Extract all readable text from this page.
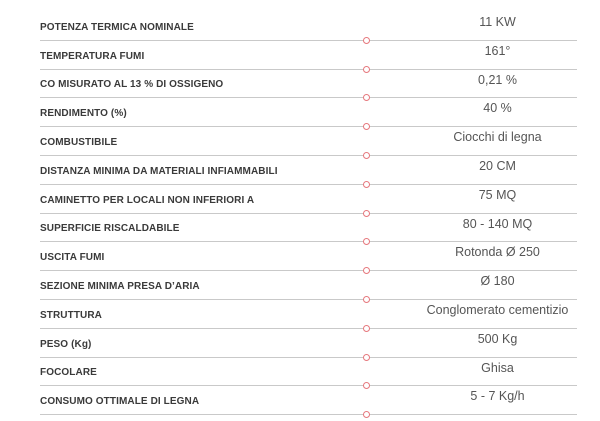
POTENZA TERMICA NOMINALE	11 KW
TEMPERATURA FUMI	161°
CO MISURATO AL 13 % DI OSSIGENO	0,21 %
RENDIMENTO (%)	40 %
COMBUSTIBILE	Ciocchi di legna
DISTANZA MINIMA DA MATERIALI INFIAMMABILI	20 CM
CAMINETTO PER LOCALI NON INFERIORI A	75 MQ
SUPERFICIE RISCALDABILE	80 - 140 MQ
USCITA FUMI	Rotonda Ø 250
SEZIONE MINIMA PRESA D’ARIA	Ø 180
STRUTTURA	Conglomerato cementizio
PESO (Kg)	500 Kg
FOCOLARE	Ghisa
CONSUMO OTTIMALE DI LEGNA	5 - 7 Kg/h
